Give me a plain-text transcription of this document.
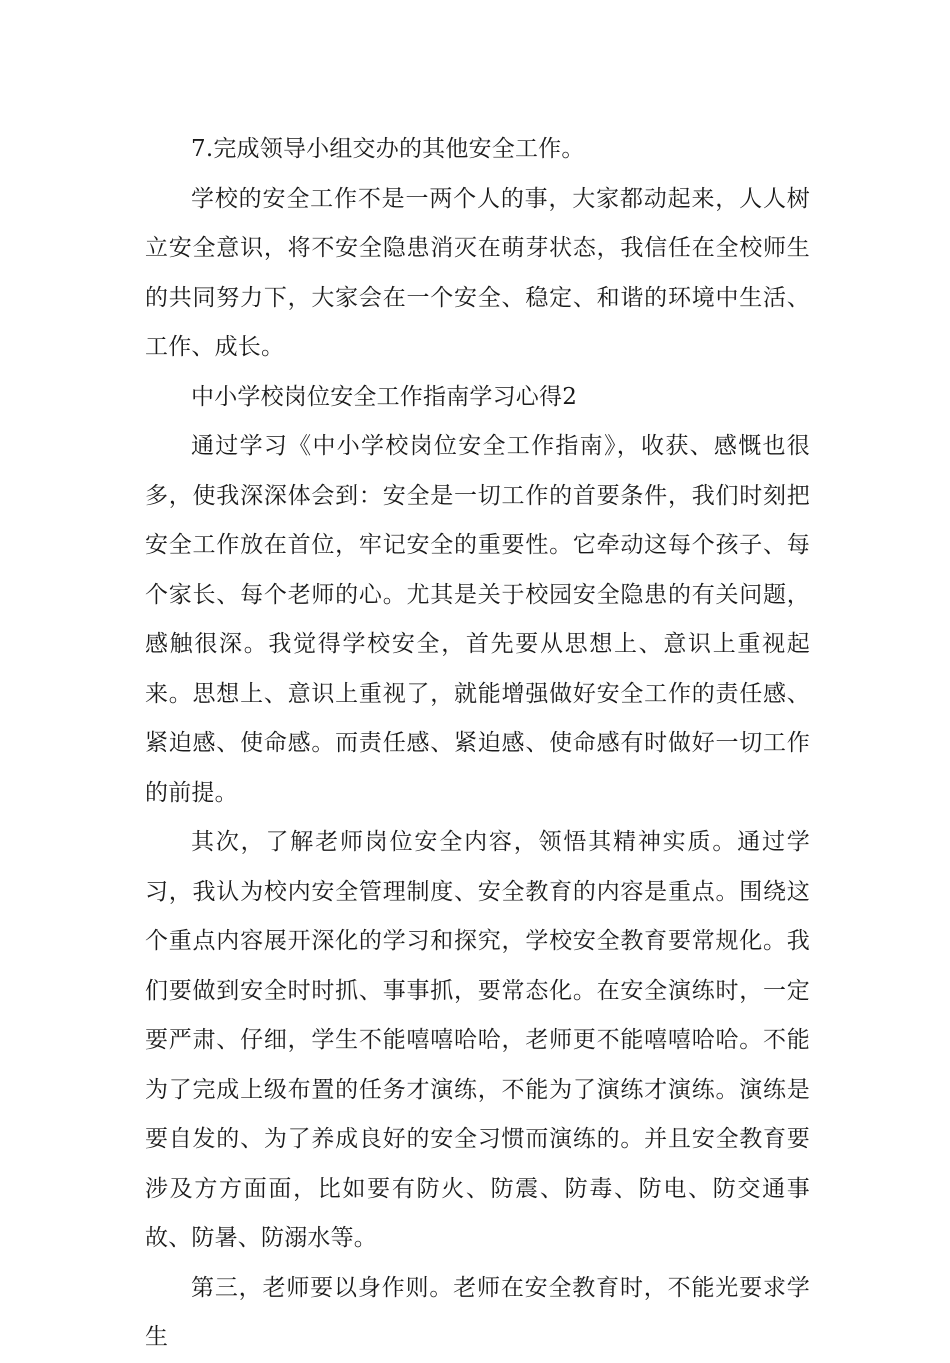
7.完成领导小组交办的其他安全工作。

学校的安全工作不是一两个人的事，大家都动起来，人人树立安全意识，将不安全隐患消灭在萌芽状态，我信任在全校师生的共同努力下，大家会在一个安全、稳定、和谐的环境中生活、工作、成长。

中小学校岗位安全工作指南学习心得2

通过学习《中小学校岗位安全工作指南》，收获、感慨也很多，使我深深体会到：安全是一切工作的首要条件，我们时刻把安全工作放在首位，牢记安全的重要性。它牵动这每个孩子、每个家长、每个老师的心。尤其是关于校园安全隐患的有关问题，感触很深。我觉得学校安全，首先要从思想上、意识上重视起来。思想上、意识上重视了，就能增强做好安全工作的责任感、紧迫感、使命感。而责任感、紧迫感、使命感有时做好一切工作的前提。

其次，了解老师岗位安全内容，领悟其精神实质。通过学习，我认为校内安全管理制度、安全教育的内容是重点。围绕这个重点内容展开深化的学习和探究，学校安全教育要常规化。我们要做到安全时时抓、事事抓，要常态化。在安全演练时，一定要严肃、仔细，学生不能嘻嘻哈哈，老师更不能嘻嘻哈哈。不能为了完成上级布置的任务才演练，不能为了演练才演练。演练是要自发的、为了养成良好的安全习惯而演练的。并且安全教育要涉及方方面面，比如要有防火、防震、防毒、防电、防交通事故、防暑、防溺水等。

第三，老师要以身作则。老师在安全教育时，不能光要求学生
